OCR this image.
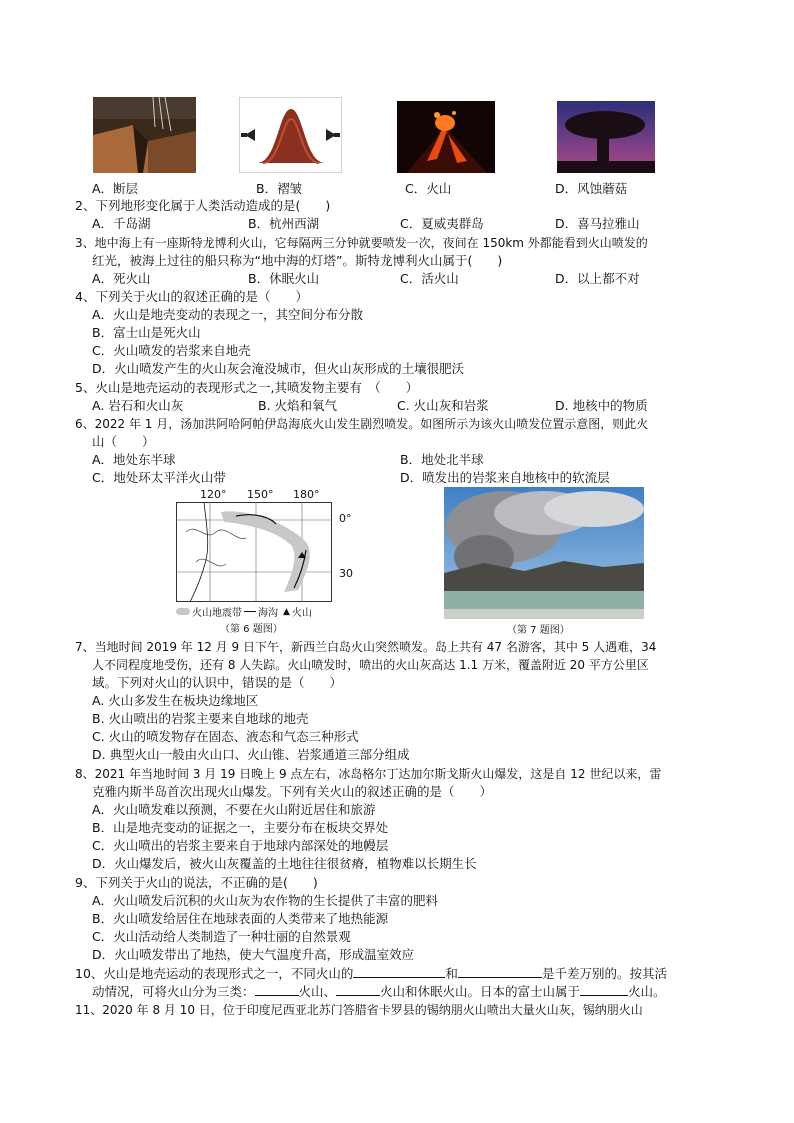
A．断层	B．褶皱	C．火山	D．风蚀蘑菇
2、下列地形变化属于人类活动造成的是(　　)
A．千岛湖	B．杭州西湖	C．夏威夷群岛	D．喜马拉雅山
3、地中海上有一座斯特龙博利火山，它每隔两三分钟就要喷发一次，夜间在 150km 外都能看到火山喷发的
红光，被海上过往的船只称为“地中海的灯塔”。斯特龙博利火山属于(　　)
A．死火山	B．休眠火山	C．活火山	D．以上都不对
4、下列关于火山的叙述正确的是（　　）
A．火山是地壳变动的表现之一，其空间分布分散
B．富士山是死火山
C．火山喷发的岩浆来自地壳
D．火山喷发产生的火山灰会淹没城市，但火山灰形成的土壤很肥沃
5、火山是地壳运动的表现形式之一,其喷发物主要有　（　　）
A. 岩石和火山灰	B. 火焰和氧气	C. 火山灰和岩浆	D. 地核中的物质
6、2022 年 1 月，汤加洪阿哈阿帕伊岛海底火山发生剧烈喷发。如图所示为该火山喷发位置示意图，则此火
山（　　）
A．地处东半球	B．地处北半球
C．地处环太平洋火山带	D．喷发出的岩浆来自地核中的软流层
120° 150° 180°
0°
30
火山地震带 海沟 ▲ 火山
（第 6 题图）	（第 7 题图）
7、当地时间 2019 年 12 月 9 日下午，新西兰白岛火山突然喷发。岛上共有 47 名游客，其中 5 人遇难，34
人不同程度地受伤，还有 8 人失踪。火山喷发时，喷出的火山灰高达 1.1 万米，覆盖附近 20 平方公里区
域。下列对火山的认识中，错误的是（　　）
A. 火山多发生在板块边缘地区
B. 火山喷出的岩浆主要来自地球的地壳
C. 火山的喷发物存在固态、液态和气态三种形式
D. 典型火山一般由火山口、火山锥、岩浆通道三部分组成
8、2021 年当地时间 3 月 19 日晚上 9 点左右，冰岛格尔丁达加尔斯戈斯火山爆发，这是自 12 世纪以来，雷
克雅内斯半岛首次出现火山爆发。下列有关火山的叙述正确的是（　　）
A．火山喷发难以预测，不要在火山附近居住和旅游
B．山是地壳变动的证据之一，主要分布在板块交界处
C．火山喷出的岩浆主要来自于地球内部深处的地幔层
D．火山爆发后，被火山灰覆盖的土地往往很贫瘠，植物难以长期生长
9、下列关于火山的说法，不正确的是(　　)
A．火山喷发后沉积的火山灰为农作物的生长提供了丰富的肥料
B．火山喷发给居住在地球表面的人类带来了地热能源
C．火山活动给人类制造了一种壮丽的自然景观
D．火山喷发带出了地热，使大气温度升高，形成温室效应
10、火山是地壳运动的表现形式之一，不同火山的	和	是千差万别的。按其活
动情况，可将火山分为三类：	火山、	火山和休眠火山。日本的富士山属于	火山。
11、2020 年 8 月 10 日，位于印度尼西亚北苏门答腊省卡罗县的锡纳朋火山喷出大量火山灰，锡纳朋火山
